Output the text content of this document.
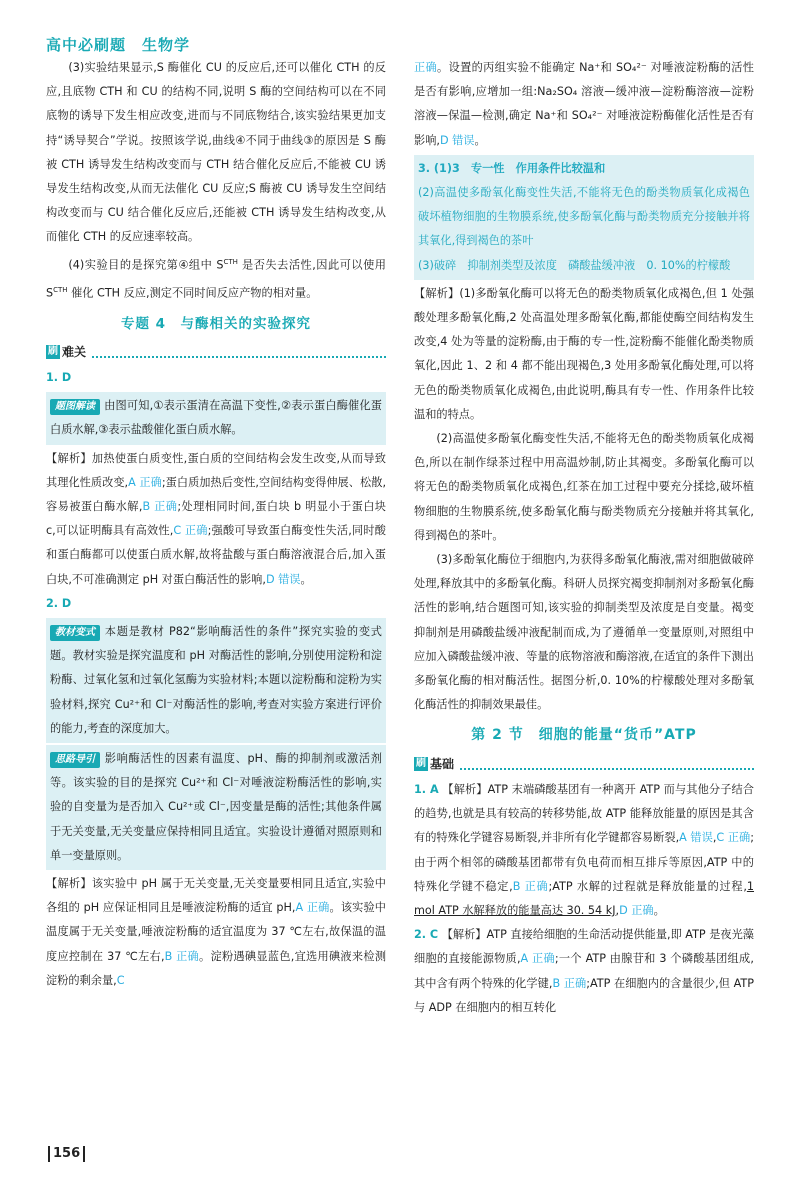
高中必刷题　生物学

(3)实验结果显示,S 酶催化 CU 的反应后,还可以催化 CTH 的反应,且底物 CTH 和 CU 的结构不同,说明 S 酶的空间结构可以在不同底物的诱导下发生相应改变,进而与不同底物结合,该实验结果更加支持“诱导契合”学说。按照该学说,曲线④不同于曲线③的原因是 S 酶被 CTH 诱导发生结构改变而与 CTH 结合催化反应后,不能被 CU 诱导发生结构改变,从而无法催化 CU 反应;S 酶被 CU 诱导发生空间结构改变而与 CU 结合催化反应后,还能被 CTH 诱导发生结构改变,从而催化 CTH 的反应速率较高。

(4)实验目的是探究第④组中 $S^{CTH}$ 是否失去活性,因此可以使用 $S^{CTH}$ 催化 CTH 反应,测定不同时间反应产物的相对量。

专题 4　与酶相关的实验探究
刷 难关

1. D

题图解读 由图可知,①表示蛋清在高温下变性,②表示蛋白酶催化蛋白质水解,③表示盐酸催化蛋白质水解。

【解析】加热使蛋白质变性,蛋白质的空间结构会发生改变,从而导致其理化性质改变,A 正确;蛋白质加热后变性,空间结构变得伸展、松散,容易被蛋白酶水解,B 正确;处理相同时间,蛋白块 b 明显小于蛋白块 c,可以证明酶具有高效性,C 正确;强酸可导致蛋白酶变性失活,同时酸和蛋白酶都可以使蛋白质水解,故将盐酸与蛋白酶溶液混合后,加入蛋白块,不可准确测定 pH 对蛋白酶活性的影响,D 错误。

2. D

教材变式 本题是教材 P82“影响酶活性的条件”探究实验的变式题。教材实验是探究温度和 pH 对酶活性的影响,分别使用淀粉和淀粉酶、过氧化氢和过氧化氢酶为实验材料;本题以淀粉酶和淀粉为实验材料,探究 Cu²⁺和 Cl⁻对酶活性的影响,考查对实验方案进行评价的能力,考查的深度加大。
思路导引 影响酶活性的因素有温度、pH、酶的抑制剂或激活剂等。该实验的目的是探究 Cu²⁺和 Cl⁻对唾液淀粉酶活性的影响,实验的自变量为是否加入 Cu²⁺或 Cl⁻,因变量是酶的活性;其他条件属于无关变量,无关变量应保持相同且适宜。实验设计遵循对照原则和单一变量原则。

【解析】该实验中 pH 属于无关变量,无关变量要相同且适宜,实验中各组的 pH 应保证相同且是唾液淀粉酶的适宜 pH,A 正确。该实验中温度属于无关变量,唾液淀粉酶的适宜温度为 37 ℃左右,故保温的温度应控制在 37 ℃左右,B 正确。淀粉遇碘显蓝色,宜选用碘液来检测淀粉的剩余量,C

正确。设置的丙组实验不能确定 Na⁺和 SO₄²⁻ 对唾液淀粉酶的活性是否有影响,应增加一组:Na₂SO₄ 溶液—缓冲液—淀粉酶溶液—淀粉溶液—保温—检测,确定 Na⁺和 SO₄²⁻ 对唾液淀粉酶催化活性是否有影响,D 错误。

3. (1)3　专一性　作用条件比较温和

(2)高温使多酚氧化酶变性失活,不能将无色的酚类物质氧化成褐色　破坏植物细胞的生物膜系统,使多酚氧化酶与酚类物质充分接触并将其氧化,得到褐色的茶叶

(3)破碎　抑制剂类型及浓度　磷酸盐缓冲液　0. 10%的柠檬酸

【解析】(1)多酚氧化酶可以将无色的酚类物质氧化成褐色,但 1 处强酸处理多酚氧化酶,2 处高温处理多酚氧化酶,都能使酶空间结构发生改变,4 处为等量的淀粉酶,由于酶的专一性,淀粉酶不能催化酚类物质氧化,因此 1、2 和 4 都不能出现褐色,3 处用多酚氧化酶处理,可以将无色的酚类物质氧化成褐色,由此说明,酶具有专一性、作用条件比较温和的特点。

(2)高温使多酚氧化酶变性失活,不能将无色的酚类物质氧化成褐色,所以在制作绿茶过程中用高温炒制,防止其褐变。多酚氧化酶可以将无色的酚类物质氧化成褐色,红茶在加工过程中要充分揉捻,破坏植物细胞的生物膜系统,使多酚氧化酶与酚类物质充分接触并将其氧化,得到褐色的茶叶。

(3)多酚氧化酶位于细胞内,为获得多酚氧化酶液,需对细胞做破碎处理,释放其中的多酚氧化酶。科研人员探究褐变抑制剂对多酚氧化酶活性的影响,结合题图可知,该实验的抑制类型及浓度是自变量。褐变抑制剂是用磷酸盐缓冲液配制而成,为了遵循单一变量原则,对照组中应加入磷酸盐缓冲液、等量的底物溶液和酶溶液,在适宜的条件下测出多酚氧化酶的相对酶活性。据图分析,0. 10%的柠檬酸处理对多酚氧化酶活性的抑制效果最佳。

第 2 节　细胞的能量“货币”ATP
刷 基础

1. A 【解析】ATP 末端磷酸基团有一种离开 ATP 而与其他分子结合的趋势,也就是具有较高的转移势能,故 ATP 能释放能量的原因是其含有的特殊化学键容易断裂,并非所有化学键都容易断裂,A 错误,C 正确;由于两个相邻的磷酸基团都带有负电荷而相互排斥等原因,ATP 中的特殊化学键不稳定,B 正确;ATP 水解的过程就是释放能量的过程,1 mol ATP 水解释放的能量高达 30. 54 kJ,D 正确。

2. C 【解析】ATP 直接给细胞的生命活动提供能量,即 ATP 是夜光藻细胞的直接能源物质,A 正确;一个 ATP 由腺苷和 3 个磷酸基团组成,其中含有两个特殊的化学键,B 正确;ATP 在细胞内的含量很少,但 ATP 与 ADP 在细胞内的相互转化

156
